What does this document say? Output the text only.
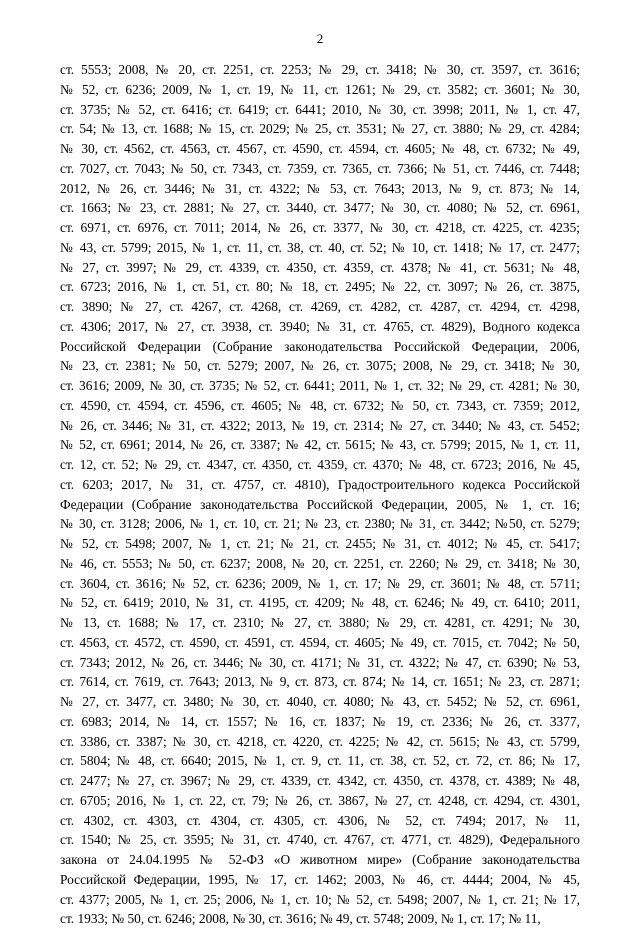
2
ст. 5553; 2008, № 20, ст. 2251, ст. 2253; № 29, ст. 3418; № 30, ст. 3597, ст. 3616;
№ 52, ст. 6236; 2009, № 1, ст. 19, № 11, ст. 1261; № 29, ст. 3582; ст. 3601; № 30,
ст. 3735; № 52, ст. 6416; ст. 6419; ст. 6441; 2010, № 30, ст. 3998; 2011, № 1, ст. 47,
ст. 54; № 13, ст. 1688; № 15, ст. 2029; № 25, ст. 3531; № 27, ст. 3880; № 29, ст. 4284;
№ 30, ст. 4562, ст. 4563, ст. 4567, ст. 4590, ст. 4594, ст. 4605; № 48, ст. 6732; № 49,
ст. 7027, ст. 7043; № 50, ст. 7343, ст. 7359, ст. 7365, ст. 7366; № 51, ст. 7446, ст. 7448;
2012, № 26, ст. 3446; № 31, ст. 4322; № 53, ст. 7643; 2013, № 9, ст. 873; № 14,
ст. 1663; № 23, ст. 2881; № 27, ст. 3440, ст. 3477; № 30, ст. 4080; № 52, ст. 6961,
ст. 6971, ст. 6976, ст. 7011; 2014, № 26, ст. 3377, № 30, ст. 4218, ст. 4225, ст. 4235;
№ 43, ст. 5799; 2015, № 1, ст. 11, ст. 38, ст. 40, ст. 52; № 10, ст. 1418; № 17, ст. 2477;
№ 27, ст. 3997; № 29, ст. 4339, ст. 4350, ст. 4359, ст. 4378; № 41, ст. 5631; № 48,
ст. 6723; 2016, № 1, ст. 51, ст. 80; № 18, ст. 2495; № 22, ст. 3097; № 26, ст. 3875,
ст. 3890; № 27, ст. 4267, ст. 4268, ст. 4269, ст. 4282, ст. 4287, ст. 4294, ст. 4298,
ст. 4306; 2017, № 27, ст. 3938, ст. 3940; № 31, ст. 4765, ст. 4829), Водного кодекса
Российской Федерации (Собрание законодательства Российской Федерации, 2006,
№ 23, ст. 2381; № 50, ст. 5279; 2007, № 26, ст. 3075; 2008, № 29, ст. 3418; № 30,
ст. 3616; 2009, № 30, ст. 3735; № 52, ст. 6441; 2011, № 1, ст. 32; № 29, ст. 4281; № 30,
ст. 4590, ст. 4594, ст. 4596, ст. 4605; № 48, ст. 6732; № 50, ст. 7343, ст. 7359; 2012,
№ 26, ст. 3446; № 31, ст. 4322; 2013, № 19, ст. 2314; № 27, ст. 3440; № 43, ст. 5452;
№ 52, ст. 6961; 2014, № 26, ст. 3387; № 42, ст. 5615; № 43, ст. 5799; 2015, № 1, ст. 11,
ст. 12, ст. 52; № 29, ст. 4347, ст. 4350, ст. 4359, ст. 4370; № 48, ст. 6723; 2016, № 45,
ст. 6203; 2017, № 31, ст. 4757, ст. 4810), Градостроительного кодекса Российской
Федерации (Собрание законодательства Российской Федерации, 2005, № 1, ст. 16;
№ 30, ст. 3128; 2006, № 1, ст. 10, ст. 21; № 23, ст. 2380; № 31, ст. 3442; №50, ст. 5279;
№ 52, ст. 5498; 2007, № 1, ст. 21; № 21, ст. 2455; № 31, ст. 4012; № 45, ст. 5417;
№ 46, ст. 5553; № 50, ст. 6237; 2008, № 20, ст. 2251, ст. 2260; № 29, ст. 3418; № 30,
ст. 3604, ст. 3616; № 52, ст. 6236; 2009, № 1, ст. 17; № 29, ст. 3601; № 48, ст. 5711;
№ 52, ст. 6419; 2010, № 31, ст. 4195, ст. 4209; № 48, ст. 6246; № 49, ст. 6410; 2011,
№ 13, ст. 1688; № 17, ст. 2310; № 27, ст. 3880; № 29, ст. 4281, ст. 4291; № 30,
ст. 4563, ст. 4572, ст. 4590, ст. 4591, ст. 4594, ст. 4605; № 49, ст. 7015, ст. 7042; № 50,
ст. 7343; 2012, № 26, ст. 3446; № 30, ст. 4171; № 31, ст. 4322; № 47, ст. 6390; № 53,
ст. 7614, ст. 7619, ст. 7643; 2013, № 9, ст. 873, ст. 874; № 14, ст. 1651; № 23, ст. 2871;
№ 27, ст. 3477, ст. 3480; № 30, ст. 4040, ст. 4080; № 43, ст. 5452; № 52, ст. 6961,
ст. 6983; 2014, № 14, ст. 1557; № 16, ст. 1837; № 19, ст. 2336; № 26, ст. 3377,
ст. 3386, ст. 3387; № 30, ст. 4218, ст. 4220, ст. 4225; № 42, ст. 5615; № 43, ст. 5799,
ст. 5804; № 48, ст. 6640; 2015, № 1, ст. 9, ст. 11, ст. 38, ст. 52, ст. 72, ст. 86; № 17,
ст. 2477; № 27, ст. 3967; № 29, ст. 4339, ст. 4342, ст. 4350, ст. 4378, ст. 4389; № 48,
ст. 6705; 2016, № 1, ст. 22, ст. 79; № 26, ст. 3867, № 27, ст. 4248, ст. 4294, ст. 4301,
ст. 4302, ст. 4303, ст. 4304, ст. 4305, ст. 4306, № 52, ст. 7494; 2017, № 11,
ст. 1540; № 25, ст. 3595; № 31, ст. 4740, ст. 4767, ст. 4771, ст. 4829), Федерального
закона от 24.04.1995 № 52-ФЗ «О животном мире» (Собрание законодательства
Российской Федерации, 1995, № 17, ст. 1462; 2003, № 46, ст. 4444; 2004, № 45,
ст. 4377; 2005, № 1, ст. 25; 2006, № 1, ст. 10; № 52, ст. 5498; 2007, № 1, ст. 21; № 17,
ст. 1933; № 50, ст. 6246; 2008, № 30, ст. 3616; № 49, ст. 5748; 2009, № 1, ст. 17; № 11,
